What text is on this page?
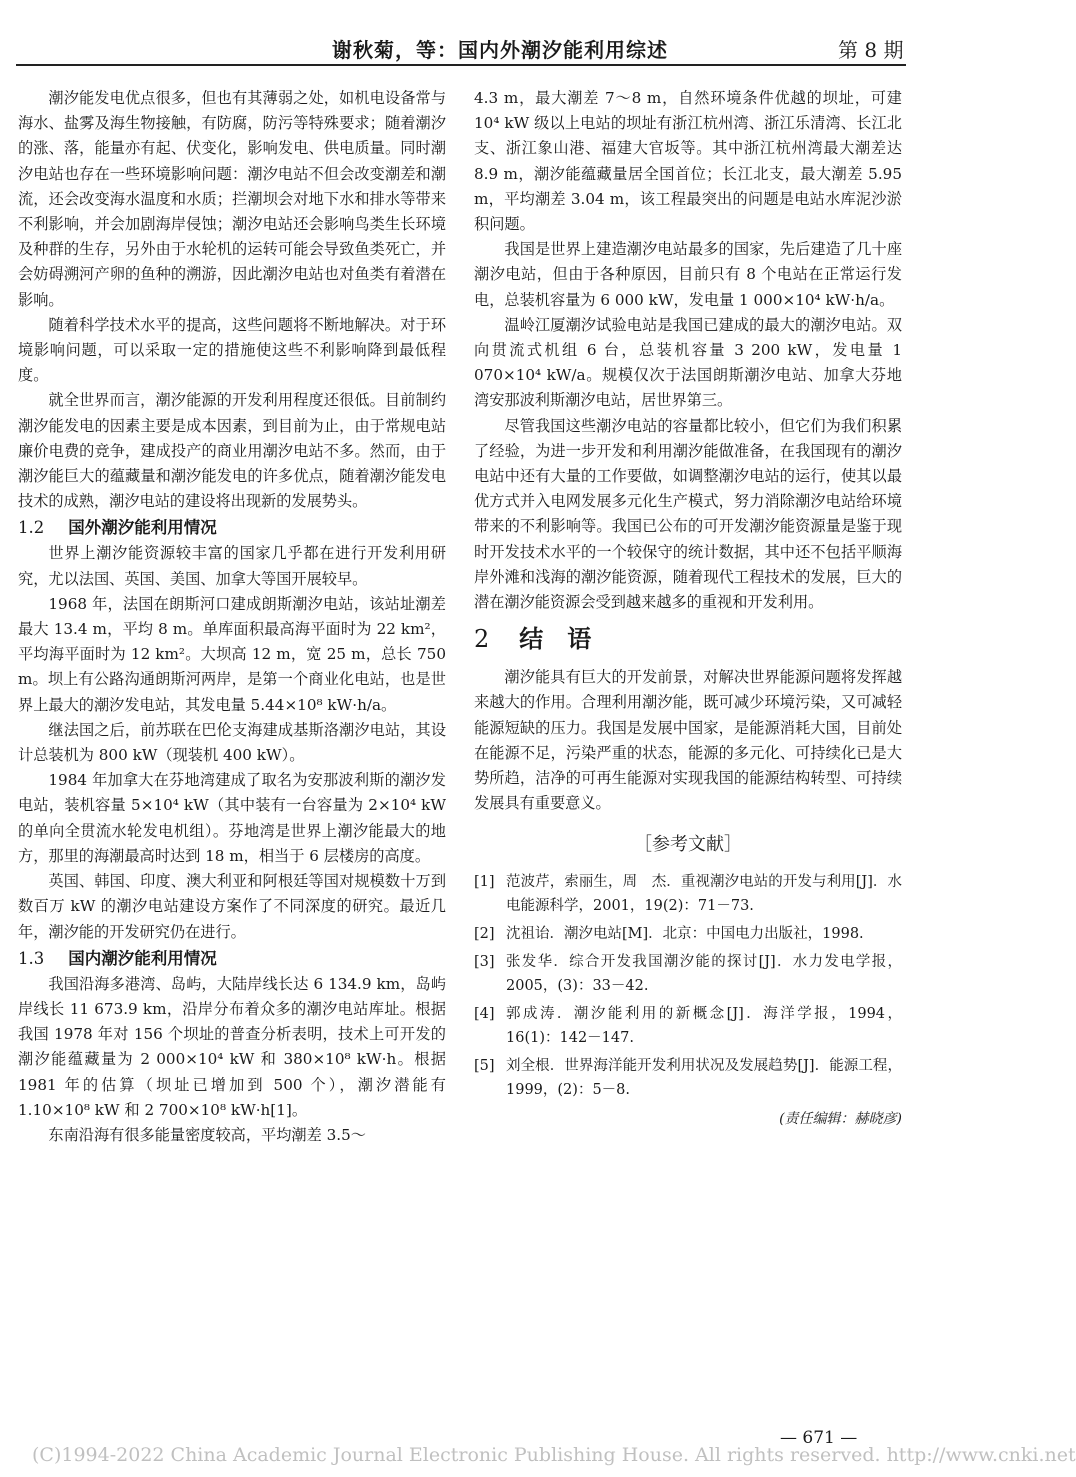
谢秋菊，等：国内外潮汐能利用综述	第 8 期

潮汐能发电优点很多，但也有其薄弱之处，如机电设备常与海水、盐雾及海生物接触，有防腐，防污等特殊要求；随着潮汐的涨、落，能量亦有起、伏变化，影响发电、供电质量。同时潮汐电站也存在一些环境影响问题：潮汐电站不但会改变潮差和潮流，还会改变海水温度和水质；拦潮坝会对地下水和排水等带来不利影响，并会加剧海岸侵蚀；潮汐电站还会影响鸟类生长环境及种群的生存，另外由于水轮机的运转可能会导致鱼类死亡，并会妨碍溯河产卵的鱼种的溯游，因此潮汐电站也对鱼类有着潜在影响。

随着科学技术水平的提高，这些问题将不断地解决。对于环境影响问题，可以采取一定的措施使这些不利影响降到最低程度。

就全世界而言，潮汐能源的开发利用程度还很低。目前制约潮汐能发电的因素主要是成本因素，到目前为止，由于常规电站廉价电费的竞争，建成投产的商业用潮汐电站不多。然而，由于潮汐能巨大的蕴藏量和潮汐能发电的许多优点，随着潮汐能发电技术的成熟，潮汐电站的建设将出现新的发展势头。

1.2 国外潮汐能利用情况

世界上潮汐能资源较丰富的国家几乎都在进行开发利用研究，尤以法国、英国、美国、加拿大等国开展较早。

1968 年，法国在朗斯河口建成朗斯潮汐电站，该站址潮差最大 13.4 m，平均 8 m。单库面积最高海平面时为 22 km²，平均海平面时为 12 km²。大坝高 12 m，宽 25 m，总长 750 m。坝上有公路沟通朗斯河两岸，是第一个商业化电站，也是世界上最大的潮汐发电站，其发电量 5.44×10⁸ kW·h/a。

继法国之后，前苏联在巴伦支海建成基斯洛潮汐电站，其设计总装机为 800 kW（现装机 400 kW）。

1984 年加拿大在芬地湾建成了取名为安那波利斯的潮汐发电站，装机容量 5×10⁴ kW（其中装有一台容量为 2×10⁴ kW 的单向全贯流水轮发电机组）。芬地湾是世界上潮汐能最大的地方，那里的海潮最高时达到 18 m，相当于 6 层楼房的高度。

英国、韩国、印度、澳大利亚和阿根廷等国对规模数十万到数百万 kW 的潮汐电站建设方案作了不同深度的研究。最近几年，潮汐能的开发研究仍在进行。

1.3 国内潮汐能利用情况

我国沿海多港湾、岛屿，大陆岸线长达 6 134.9 km，岛屿岸线长 11 673.9 km，沿岸分布着众多的潮汐电站库址。根据我国 1978 年对 156 个坝址的普查分析表明，技术上可开发的潮汐能蕴藏量为 2 000×10⁴ kW 和 380×10⁸ kW·h。根据 1981 年的估算（坝址已增加到 500 个），潮汐潜能有 1.10×10⁸ kW 和 2 700×10⁸ kW·h[1]。

东南沿海有很多能量密度较高，平均潮差 3.5～

4.3 m，最大潮差 7～8 m，自然环境条件优越的坝址，可建 10⁴ kW 级以上电站的坝址有浙江杭州湾、浙江乐清湾、长江北支、浙江象山港、福建大官坂等。其中浙江杭州湾最大潮差达 8.9 m，潮汐能蕴藏量居全国首位；长江北支，最大潮差 5.95 m，平均潮差 3.04 m，该工程最突出的问题是电站水库泥沙淤积问题。

我国是世界上建造潮汐电站最多的国家，先后建造了几十座潮汐电站，但由于各种原因，目前只有 8 个电站在正常运行发电，总装机容量为 6 000 kW，发电量 1 000×10⁴ kW·h/a。

温岭江厦潮汐试验电站是我国已建成的最大的潮汐电站。双向贯流式机组 6 台，总装机容量 3 200 kW，发电量 1 070×10⁴ kW/a。规模仅次于法国朗斯潮汐电站、加拿大芬地湾安那波利斯潮汐电站，居世界第三。

尽管我国这些潮汐电站的容量都比较小，但它们为我们积累了经验，为进一步开发和利用潮汐能做准备，在我国现有的潮汐电站中还有大量的工作要做，如调整潮汐电站的运行，使其以最优方式并入电网发展多元化生产模式，努力消除潮汐电站给环境带来的不利影响等。我国已公布的可开发潮汐能资源量是鉴于现时开发技术水平的一个较保守的统计数据，其中还不包括平顺海岸外滩和浅海的潮汐能资源，随着现代工程技术的发展，巨大的潜在潮汐能资源会受到越来越多的重视和开发利用。

2 结　语

潮汐能具有巨大的开发前景，对解决世界能源问题将发挥越来越大的作用。合理利用潮汐能，既可减少环境污染，又可减轻能源短缺的压力。我国是发展中国家，是能源消耗大国，目前处在能源不足，污染严重的状态，能源的多元化、可持续化已是大势所趋，洁净的可再生能源对实现我国的能源结构转型、可持续发展具有重要意义。

［参考文献］
[1] 范波芹，索丽生，周　杰．重视潮汐电站的开发与利用[J]．水电能源科学，2001，19(2)：71－73.
[2] 沈祖诒．潮汐电站[M]．北京：中国电力出版社，1998.
[3] 张发华．综合开发我国潮汐能的探讨[J]．水力发电学报，2005，(3)：33－42.
[4] 郭成涛．潮汐能利用的新概念[J]．海洋学报，1994，16(1)：142－147.
[5] 刘全根．世界海洋能开发利用状况及发展趋势[J]．能源工程，1999，(2)：5－8.
(责任编辑：赫晓彦)
— 671 —
(C)1994-2022 China Academic Journal Electronic Publishing House. All rights reserved. http://www.cnki.net
